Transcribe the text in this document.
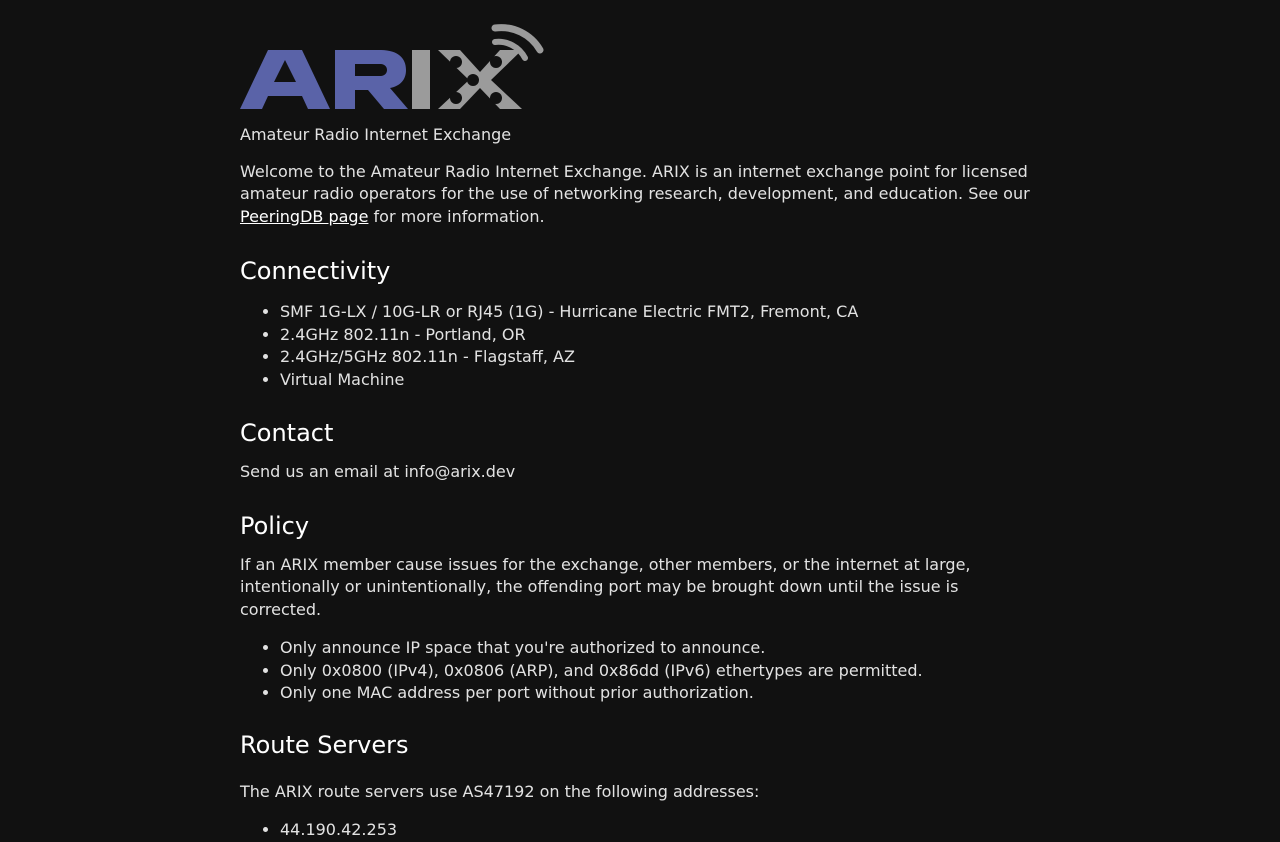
Amateur Radio Internet Exchange

Welcome to the Amateur Radio Internet Exchange. ARIX is an internet exchange point for licensed amateur radio operators for the use of networking research, development, and education. See our PeeringDB page for more information.

Connectivity
• SMF 1G-LX / 10G-LR or RJ45 (1G) - Hurricane Electric FMT2, Fremont, CA
• 2.4GHz 802.11n - Portland, OR
• 2.4GHz/5GHz 802.11n - Flagstaff, AZ
• Virtual Machine
Contact

Send us an email at info@arix.dev

Policy

If an ARIX member cause issues for the exchange, other members, or the internet at large, intentionally or unintentionally, the offending port may be brought down until the issue is corrected.

• Only announce IP space that you're authorized to announce.
• Only 0x0800 (IPv4), 0x0806 (ARP), and 0x86dd (IPv6) ethertypes are permitted.
• Only one MAC address per port without prior authorization.
Route Servers

The ARIX route servers use AS47192 on the following addresses:

• 44.190.42.253
